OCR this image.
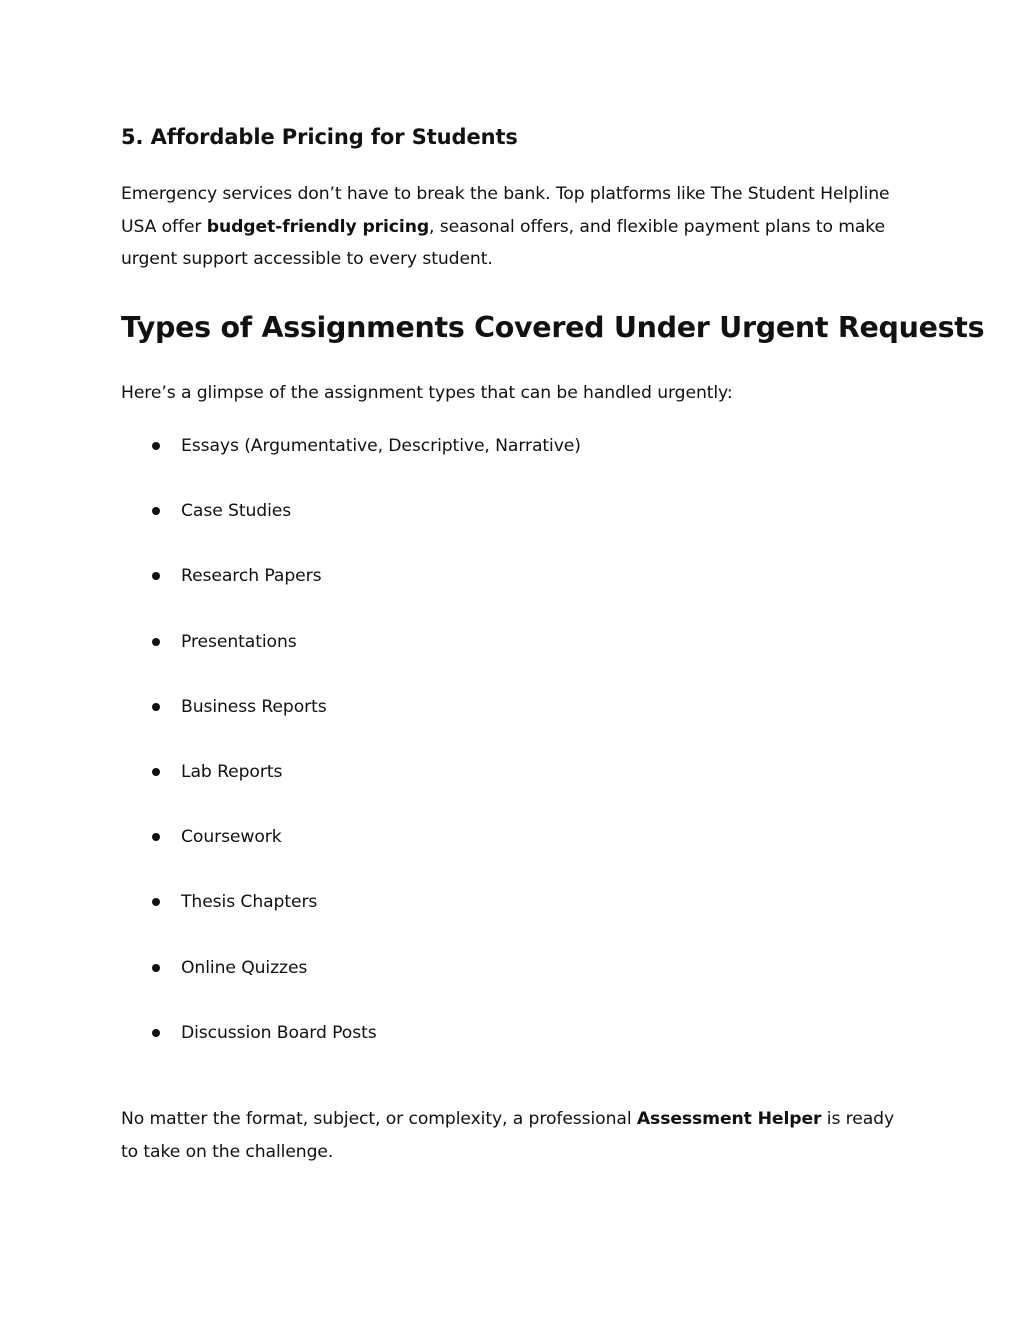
5. Affordable Pricing for Students

Emergency services don’t have to break the bank. Top platforms like The Student Helpline USA offer budget-friendly pricing, seasonal offers, and flexible payment plans to make urgent support accessible to every student.

Types of Assignments Covered Under Urgent Requests

Here’s a glimpse of the assignment types that can be handled urgently:

Essays (Argumentative, Descriptive, Narrative)
Case Studies
Research Papers
Presentations
Business Reports
Lab Reports
Coursework
Thesis Chapters
Online Quizzes
Discussion Board Posts

No matter the format, subject, or complexity, a professional Assessment Helper is ready to take on the challenge.
